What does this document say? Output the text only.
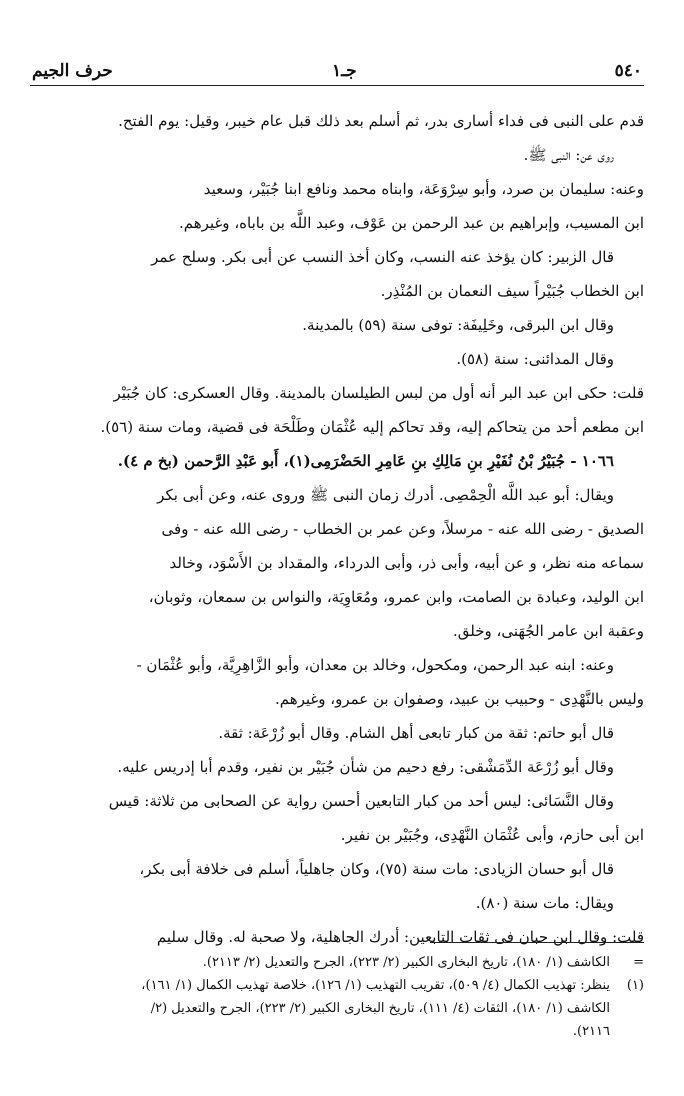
٥٤٠
جـ١
حرف الجيم

قدم على النبى فى فداء أسارى بدر، ثم أسلم بعد ذلك قبل عام خيبر، وقيل: يوم الفتح.

روى عن: النبى ﷺ.

وعنه: سليمان بن صرد، وأبو سِرْوَعَة، وابناه محمد ونافع ابنا جُبَيْر، وسعيد

ابن المسيب، وإبراهيم بن عبد الرحمن بن عَوْف، وعبد اللَّه بن باباه، وغيرهم.

قال الزبير: كان يؤخذ عنه النسب، وكان أخذ النسب عن أبى بكر. وسلح عمر

ابن الخطاب جُبَيْراً سيف النعمان بن المُنْذِر.

وقال ابن البرقى، وخَلِيفَة: توفى سنة (٥٩) بالمدينة.

وقال المدائنى: سنة (٥٨).

قلت: حكى ابن عبد البر أنه أول من لبس الطيلسان بالمدينة. وقال العسكرى: كان جُبَيْر

ابن مطعم أحد من يتحاكم إليه، وقد تحاكم إليه عُثْمَان وطَلْحَة فى قضية، ومات سنة (٥٦).

١٠٦٦ - جُبَيْرُ بْنُ نُفَيْرِ بنِ مَالِكِ بنِ عَامِرِ الحَضْرَمِى(١)، أَبو عَبْدِ الرَّحمن (بخ م ٤).

ويقال: أبو عبد اللَّه الْحِمْصِى. أدرك زمان النبى ﷺ وروى عنه، وعن أبى بكر

الصديق - رضى الله عنه - مرسلاً، وعن عمر بن الخطاب - رضى الله عنه - وفى

سماعه منه نظر، و عن أبيه، وأبى ذر، وأبى الدرداء، والمقداد بن الأَسْوَد، وخالد

ابن الوليد، وعبادة بن الصامت، وابن عمرو، ومُعَاوِيَة، والنواس بن سمعان، وثوبان،

وعقبة ابن عامر الجُهَنى، وخلق.

وعنه: ابنه عبد الرحمن، ومكحول، وخالد بن معدان، وأبو الزَّاهِرِيَّة، وأبو عُثْمَان -

وليس بالنَّهْدِى - وحبيب بن عبيد، وصفوان بن عمرو، وغيرهم.

قال أبو حاتم: ثقة من كبار تابعى أهل الشام. وقال أبو زُرْعَة: ثقة.

وقال أبو زُرْعَة الدِّمَشْقى: رفع دحيم من شأن جُبَيْر بن نفير، وقدم أبا إدريس عليه.

وقال النَّسَائى: ليس أحد من كبار التابعين أحسن رواية عن الصحابى من ثلاثة: قيس

ابن أبى حازم، وأبى عُثْمَان النَّهْدِى، وجُبَيْر بن نفير.

قال أبو حسان الزيادى: مات سنة (٧٥)، وكان جاهلياً، أسلم فى خلافة أبى بكر،

ويقال: مات سنة (٨٠).

قلت: وقال ابن حبان فى ثقات التابعين: أدرك الجاهلية، ولا صحبة له. وقال سليم

=الكاشف (١/ ١٨٠)، تاريخ البخارى الكبير (٢/ ٢٢٣)، الجرح والتعديل (٢/ ٢١١٣).

(١)ينظر: تهذيب الكمال (٤/ ٥٠٩)، تقريب التهذيب (١/ ١٢٦)، خلاصة تهذيب الكمال (١/ ١٦١)،

الكاشف (١/ ١٨٠)، الثقات (٤/ ١١١)، تاريخ البخارى الكبير (٢/ ٢٢٣)، الجرح والتعديل (٢/

٢١١٦).
